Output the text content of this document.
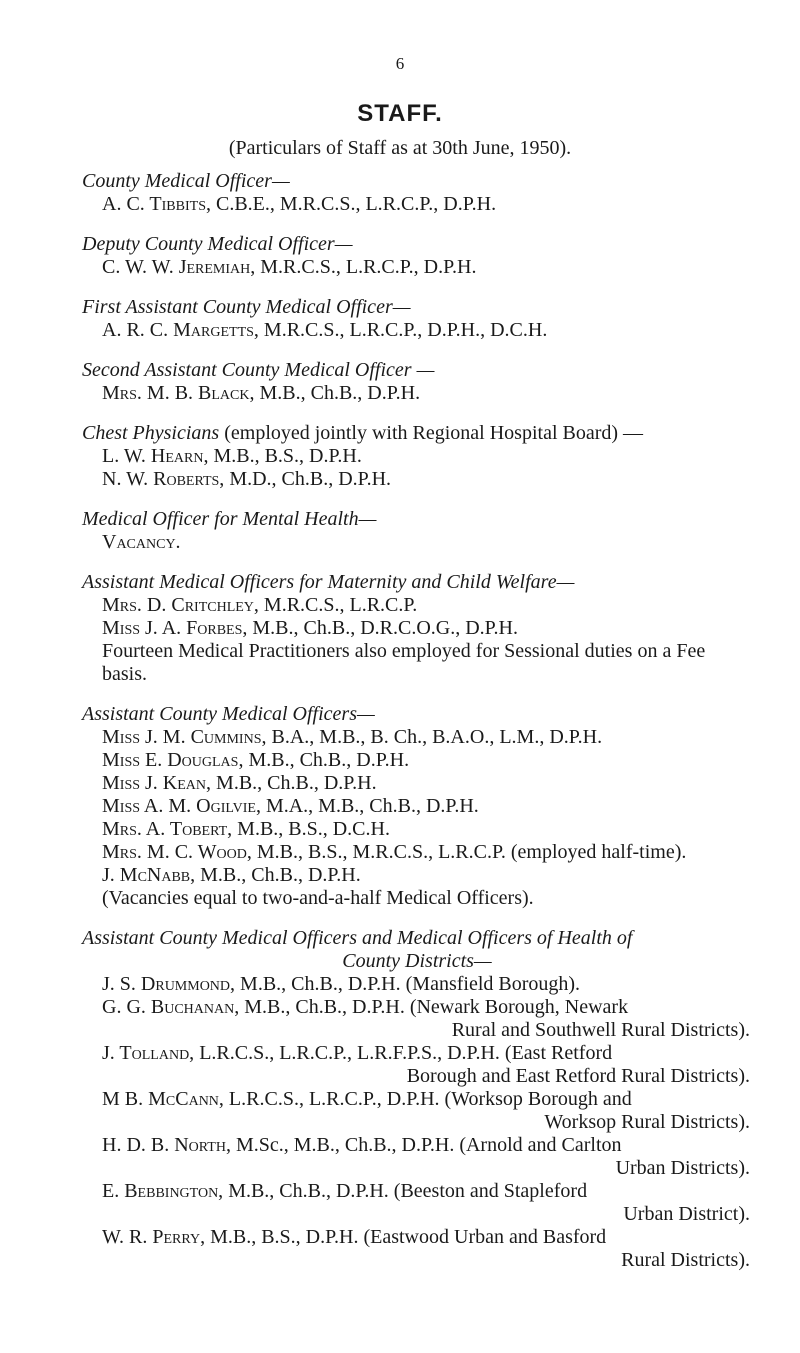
6
STAFF.
(Particulars of Staff as at 30th June, 1950).
County Medical Officer—
A. C. Tibbits, C.B.E., M.R.C.S., L.R.C.P., D.P.H.
Deputy County Medical Officer—
C. W. W. Jeremiah, M.R.C.S., L.R.C.P., D.P.H.
First Assistant County Medical Officer—
A. R. C. Margetts, M.R.C.S., L.R.C.P., D.P.H., D.C.H.
Second Assistant County Medical Officer —
Mrs. M. B. Black, M.B., Ch.B., D.P.H.
Chest Physicians (employed jointly with Regional Hospital Board) —
L. W. Hearn, M.B., B.S., D.P.H.
N. W. Roberts, M.D., Ch.B., D.P.H.
Medical Officer for Mental Health—
Vacancy.
Assistant Medical Officers for Maternity and Child Welfare—
Mrs. D. Critchley, M.R.C.S., L.R.C.P.
Miss J. A. Forbes, M.B., Ch.B., D.R.C.O.G., D.P.H.
Fourteen Medical Practitioners also employed for Sessional duties on a Fee basis.
Assistant County Medical Officers—
Miss J. M. Cummins, B.A., M.B., B. Ch., B.A.O., L.M., D.P.H.
Miss E. Douglas, M.B., Ch.B., D.P.H.
Miss J. Kean, M.B., Ch.B., D.P.H.
Miss A. M. Ogilvie, M.A., M.B., Ch.B., D.P.H.
Mrs. A. Tobert, M.B., B.S., D.C.H.
Mrs. M. C. Wood, M.B., B.S., M.R.C.S., L.R.C.P. (employed half-time).
J. McNabb, M.B., Ch.B., D.P.H.
(Vacancies equal to two-and-a-half Medical Officers).
Assistant County Medical Officers and Medical Officers of Health of
County Districts—
J. S. Drummond, M.B., Ch.B., D.P.H. (Mansfield Borough).
G. G. Buchanan, M.B., Ch.B., D.P.H. (Newark Borough, Newark
Rural and Southwell Rural Districts).
J. Tolland, L.R.C.S., L.R.C.P., L.R.F.P.S., D.P.H. (East Retford
Borough and East Retford Rural Districts).
M B. McCann, L.R.C.S., L.R.C.P., D.P.H. (Worksop Borough and
Worksop Rural Districts).
H. D. B. North, M.Sc., M.B., Ch.B., D.P.H. (Arnold and Carlton
Urban Districts).
E. Bebbington, M.B., Ch.B., D.P.H. (Beeston and Stapleford
Urban District).
W. R. Perry, M.B., B.S., D.P.H. (Eastwood Urban and Basford
Rural Districts).
